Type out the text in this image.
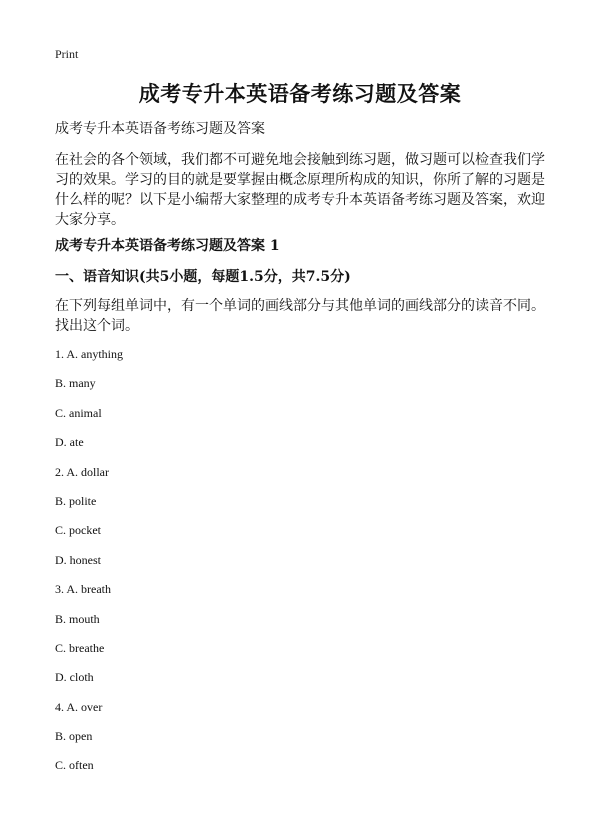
Print
成考专升本英语备考练习题及答案
成考专升本英语备考练习题及答案
在社会的各个领域，我们都不可避免地会接触到练习题，做习题可以检查我们学习的效果。学习的目的就是要掌握由概念原理所构成的知识，你所了解的习题是什么样的呢？以下是小编帮大家整理的成考专升本英语备考练习题及答案，欢迎大家分享。
成考专升本英语备考练习题及答案 1
一、语音知识(共5小题，每题1.5分，共7.5分)
在下列每组单词中，有一个单词的画线部分与其他单词的画线部分的读音不同。找出这个词。
1. A. anything
B. many
C. animal
D. ate
2. A. dollar
B. polite
C. pocket
D. honest
3. A. breath
B. mouth
C. breathe
D. cloth
4. A. over
B. open
C. often
